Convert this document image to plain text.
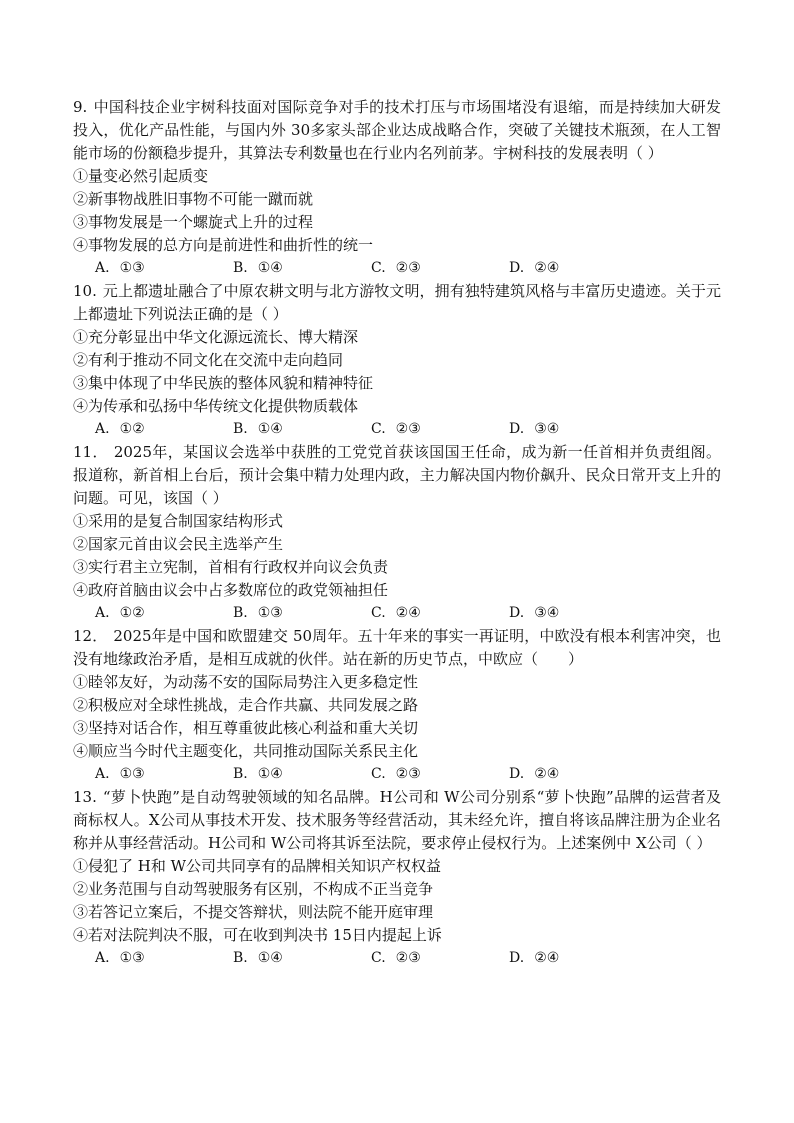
9. 中国科技企业宇树科技面对国际竞争对手的技术打压与市场围堵没有退缩，而是持续加大研发投入，优化产品性能，与国内外 30多家头部企业达成战略合作，突破了关键技术瓶颈，在人工智能市场的份额稳步提升，其算法专利数量也在行业内名列前茅。宇树科技的发展表明（ ）

①量变必然引起质变

②新事物战胜旧事物不可能一蹴而就

③事物发展是一个螺旋式上升的过程

④事物发展的总方向是前进性和曲折性的统一

A. ①③	B. ①④	C. ②③	D. ②④

10. 元上都遗址融合了中原农耕文明与北方游牧文明，拥有独特建筑风格与丰富历史遗迹。关于元上都遗址下列说法正确的是（ ）

①充分彰显出中华文化源远流长、博大精深

②有利于推动不同文化在交流中走向趋同

③集中体现了中华民族的整体风貌和精神特征

④为传承和弘扬中华传统文化提供物质载体

A. ①②	B. ①④	C. ②③	D. ③④

11． 2025年，某国议会选举中获胜的工党党首获该国国王任命，成为新一任首相并负责组阁。报道称，新首相上台后，预计会集中精力处理内政，主力解决国内物价飙升、民众日常开支上升的问题。可见，该国（ ）

①采用的是复合制国家结构形式

②国家元首由议会民主选举产生

③实行君主立宪制，首相有行政权并向议会负责

④政府首脑由议会中占多数席位的政党领袖担任

A. ①②	B. ①③	C. ②④	D. ③④

12． 2025年是中国和欧盟建交 50周年。五十年来的事实一再证明，中欧没有根本利害冲突，也没有地缘政治矛盾，是相互成就的伙伴。站在新的历史节点，中欧应（　　）

①睦邻友好，为动荡不安的国际局势注入更多稳定性

②积极应对全球性挑战，走合作共赢、共同发展之路

③坚持对话合作，相互尊重彼此核心利益和重大关切

④顺应当今时代主题变化，共同推动国际关系民主化

A. ①③	B. ①④	C. ②③	D. ②④

13. “萝卜快跑”是自动驾驶领域的知名品牌。H公司和 W公司分别系“萝卜快跑”品牌的运营者及商标权人。X公司从事技术开发、技术服务等经营活动，其未经允许，擅自将该品牌注册为企业名称并从事经营活动。H公司和 W公司将其诉至法院，要求停止侵权行为。上述案例中 X公司（ ）

①侵犯了 H和 W公司共同享有的品牌相关知识产权权益

②业务范围与自动驾驶服务有区别，不构成不正当竞争

③若答记立案后，不提交答辩状，则法院不能开庭审理

④若对法院判决不服，可在收到判决书 15日内提起上诉

A. ①③	B. ①④	C. ②③	D. ②④
